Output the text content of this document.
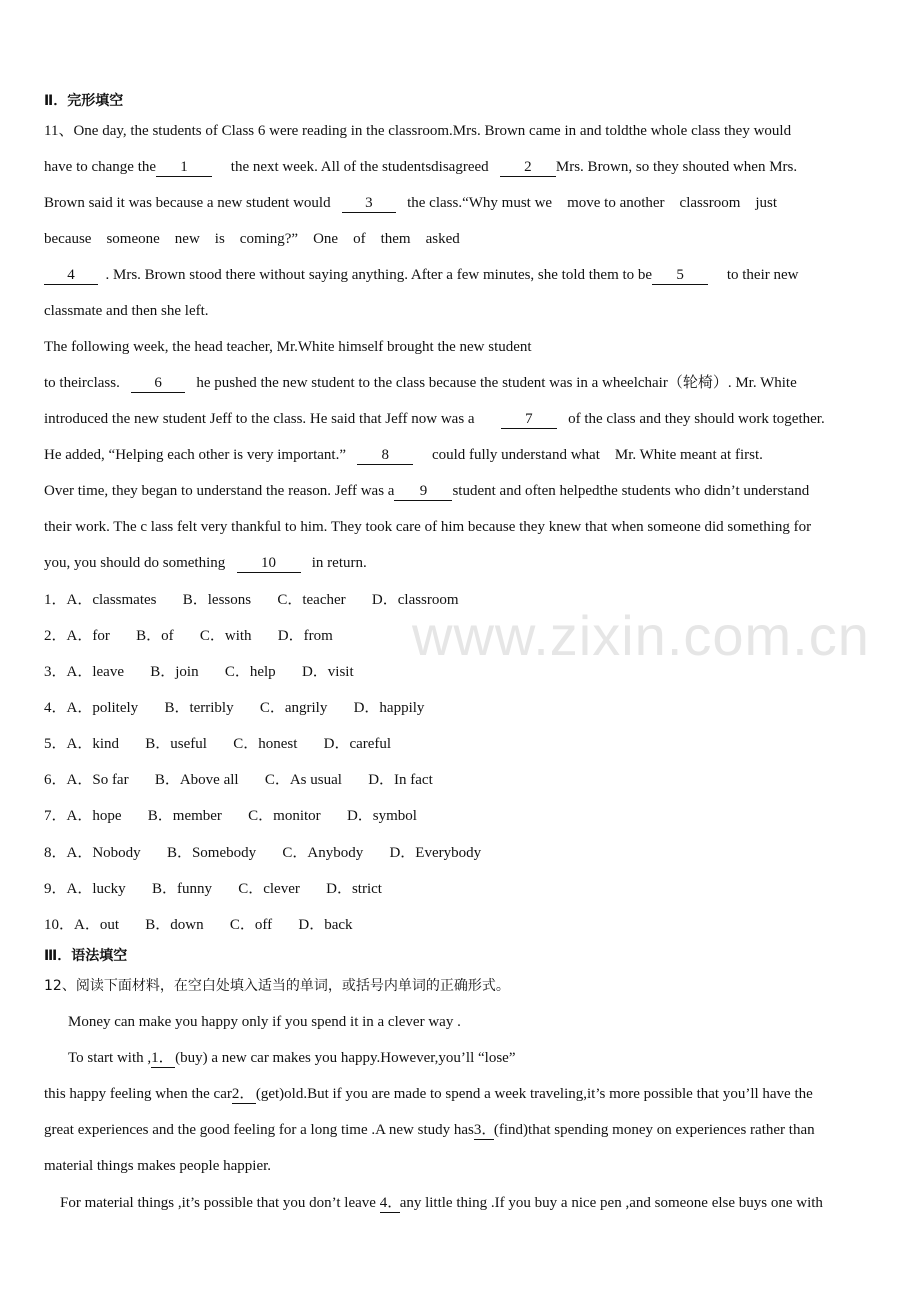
www.zixin.com.cn
Ⅱ．完形填空
11、One day, the students of Class 6 were reading in the classroom.Mrs. Brown came in and toldthe whole class they would
have to change the 1	the next week. All of the studentsdisagreed 2 Mrs. Brown, so they shouted when Mrs.
Brown said it was because a new student would 3 the class.“Why must we    move to another    classroom    just
because    someone    new    is    coming?”    One    of    them    asked
4 . Mrs. Brown stood there without saying anything. After a few minutes, she told them to be 5	to their new
classmate and then she left.
The following week, the head teacher, Mr.White himself brought the new student
to theirclass. 6 he pushed the new student to the class because the student was in a wheelchair（轮椅）. Mr. White
introduced the new student Jeff to the class. He said that Jeff now was a	7 of the class and they should work together.
He added, “Helping each other is very important.” 8	could fully understand what    Mr. White meant at first.
Over time, they began to understand the reason. Jeff was a 9 student and often helpedthe students who didn’t understand
their work. The c lass felt very thankful to him. They took care of him because they knew that when someone did something for
you, you should do something 10 in return.
1．A．classmates B．lessons C．teacher D．classroom
2．A．for B．of C．with D．from
3．A．leave B．join C．help D．visit
4．A．politely B．terribly C．angrily D．happily
5．A．kind B．useful C．honest D．careful
6．A．So far B．Above all C．As usual D．In fact
7．A．hope B．member C．monitor D．symbol
8．A．Nobody B．Somebody C．Anybody D．Everybody
9．A．lucky B．funny C．clever D．strict
10．A．out B．down C．off D．back
Ⅲ．语法填空
12、阅读下面材料，在空白处填入适当的单词，或括号内单词的正确形式。
Money can make you happy only if you spend it in a clever way .
To start with ,1．(buy) a new car makes you happy.However,you’ll “lose”
this happy feeling when the car2．(get)old.But if you are made to spend a week traveling,it’s more possible that you’ll have the
great experiences and the good feeling for a long time .A new study has3．(find)that spending money on experiences rather than
material things makes people happier.
For material things ,it’s possible that you don’t leave 4．any little thing .If you buy a nice pen ,and someone else buys one with
